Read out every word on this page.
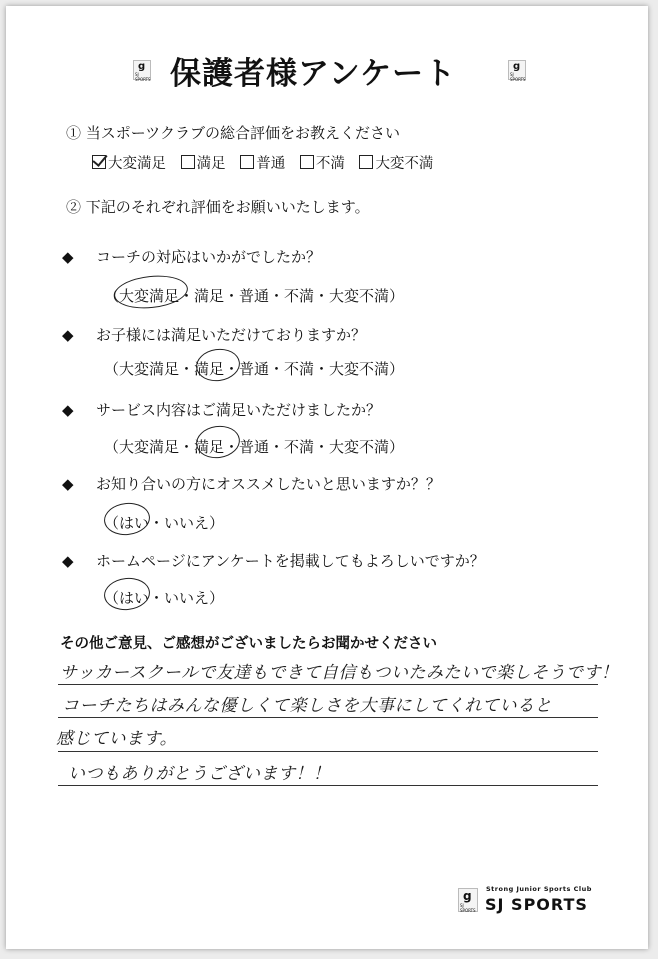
g
SJ SPORTS 保護者様アンケート	g
SJ SPORTS
① 当スポーツクラブの総合評価をお教えください
大変満足 満足 普通 不満 大変不満
② 下記のそれぞれ評価をお願いいたします。
◆ コーチの対応はいかがでしたか？
（大変満足・満足・普通・不満・大変不満）
◆ お子様には満足いただけておりますか？
（大変満足・満足・普通・不満・大変不満）
◆ サービス内容はご満足いただけましたか？
（大変満足・満足・普通・不満・大変不満）
◆ お知り合いの方にオススメしたいと思いますか？？
（はい・いいえ）
◆ ホームページにアンケートを掲載してもよろしいですか？
（はい・いいえ）
その他ご意見、ご感想がございましたらお聞かせください
サッカースクールで友達もできて自信もついたみたいで楽しそうです！
コーチたちはみんな優しくて楽しさを大事にしてくれていると
感じています。
いつもありがとうございます！！
g
SJ SPORTS
Strong Junior Sports Club
SJ SPORTS
